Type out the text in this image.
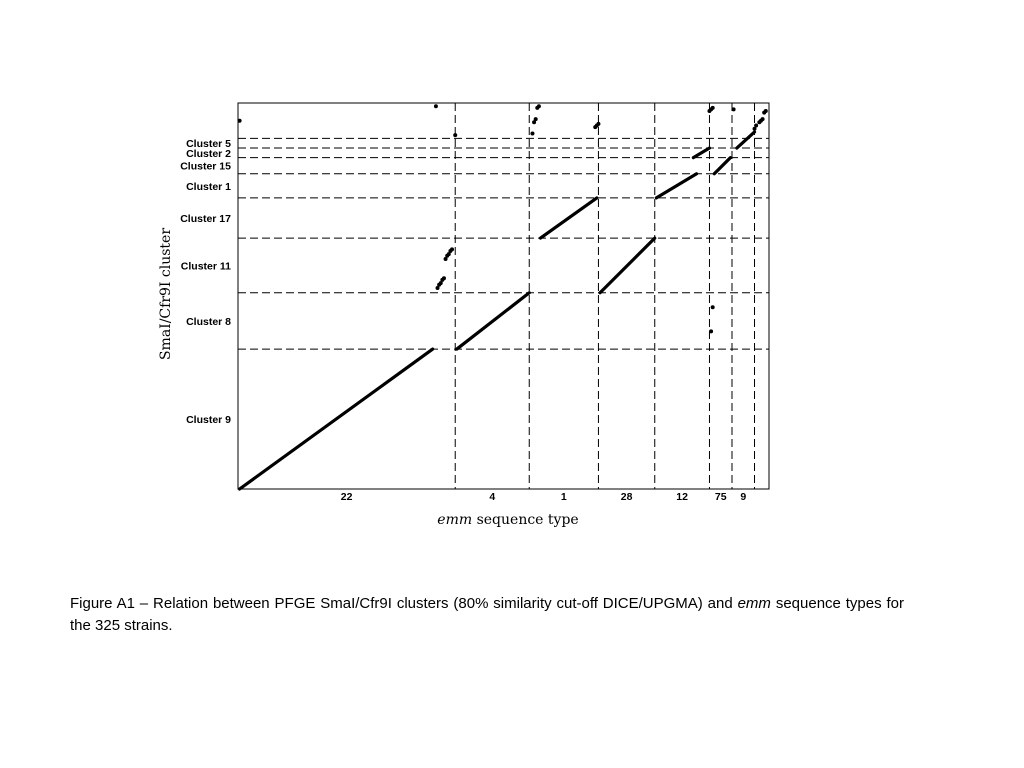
Cluster 9
Cluster 8
Cluster 11
Cluster 17
Cluster 1
Cluster 15
Cluster 2
Cluster 5
22	4	1	28	12	75 9
emm sequence type
SmaI/Cfr9I cluster
Figure A1 – Relation between PFGE SmaI/Cfr9I clusters (80% similarity cut-off DICE/UPGMA) and emm sequence types for the 325 strains.
